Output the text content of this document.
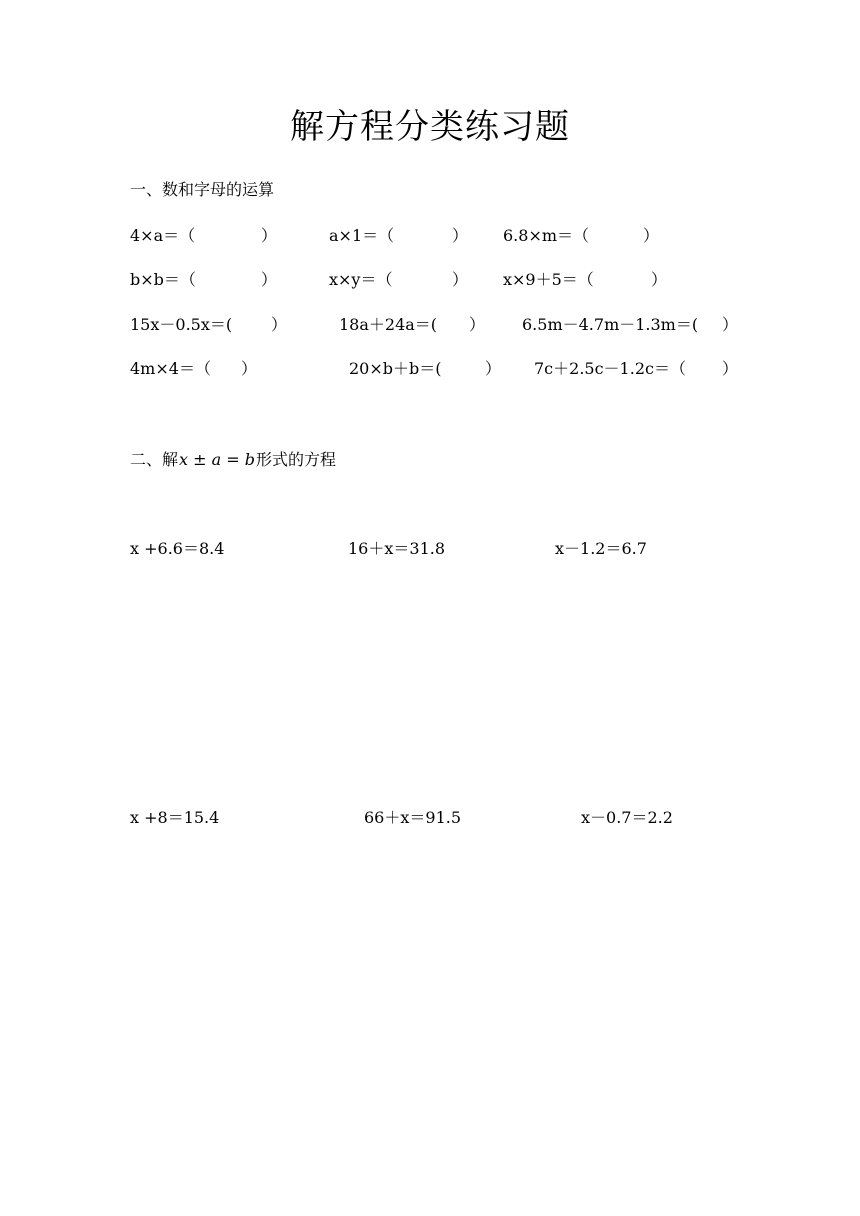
解方程分类练习题
一、数和字母的运算
4×a＝（	）	a×1＝（	） 6.8×m＝（	）
b×b＝（	）	x×y＝（	） x×9＋5＝（	）
15x－0.5x＝( ）	18a＋24a＝( ） 6.5m－4.7m－1.3m＝( ）
4m×4＝（ ）	20×b＋b＝(	） 7c＋2.5c－1.2c＝（ ）
二、解x ± a = b形式的方程
x +6.6＝8.4	16＋x＝31.8	x－1.2＝6.7
x +8＝15.4	66＋x＝91.5	x－0.7＝2.2
